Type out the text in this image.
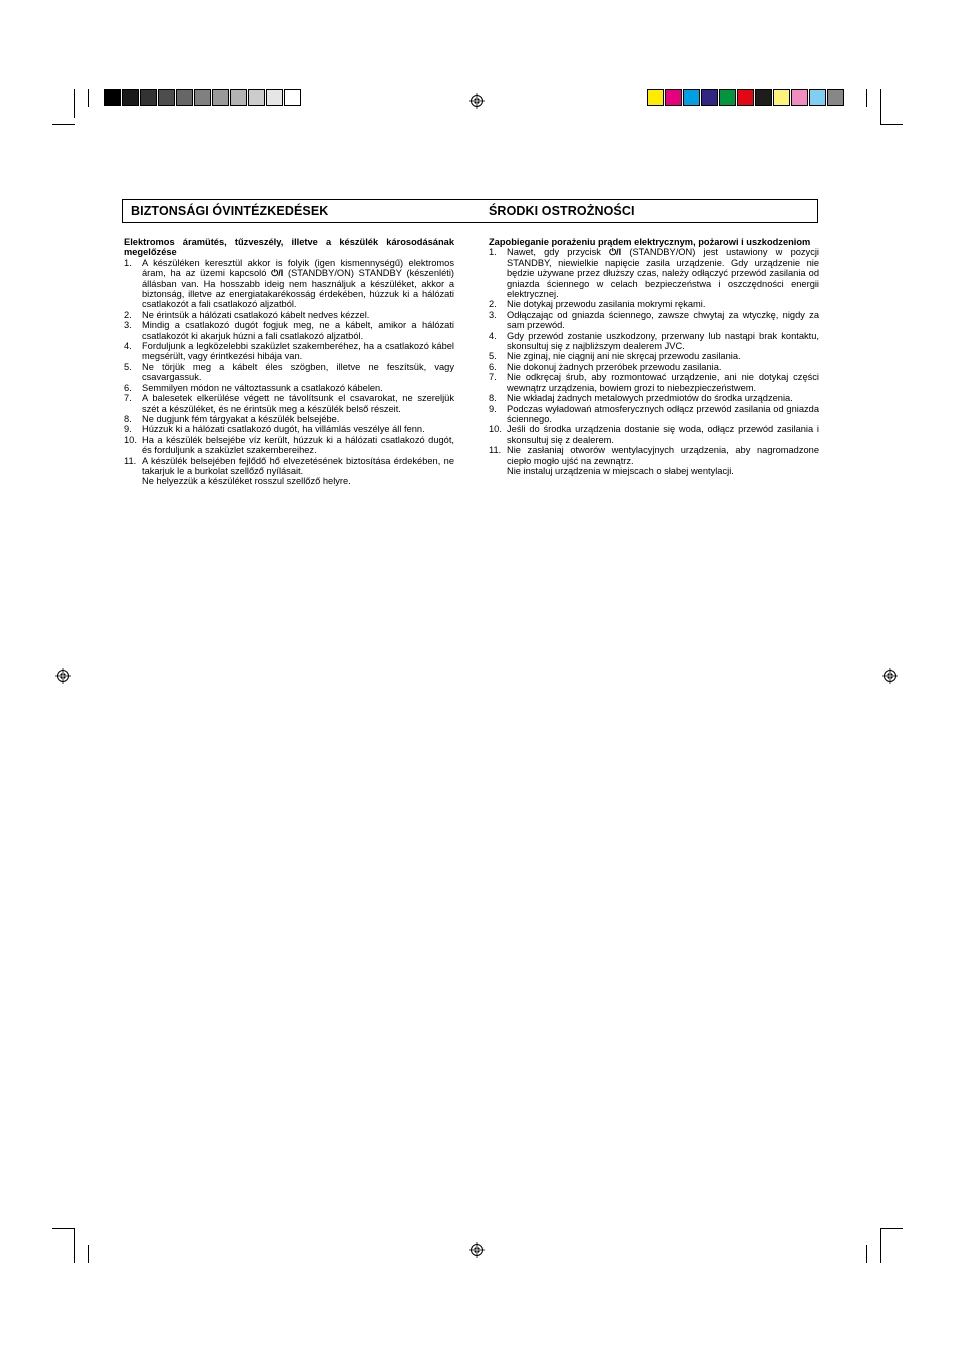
BIZTONSÁGI ÓVINTÉZKEDÉSEK	ŚRODKI OSTROŻNOŚCI
Elektromos áramütés, tűzveszély, illetve a készülék károsodásának megelőzése
1. A készüléken keresztül akkor is folyik (igen kismennységű) elektromos áram, ha az üzemi kapcsoló ⏻/I (STANDBY/ON) STANDBY (készenléti) állásban van. Ha hosszabb ideig nem használjuk a készüléket, akkor a biztonság, illetve az energiatakarékosság érdekében, húzzuk ki a hálózati csatlakozót a fali csatlakozó aljzatból.
2. Ne érintsük a hálózati csatlakozó kábelt nedves kézzel.
3. Mindig a csatlakozó dugót fogjuk meg, ne a kábelt, amikor a hálózati csatlakozót ki akarjuk húzni a fali csatlakozó aljzatból.
4. Forduljunk a legközelebbi szaküzlet szakemberéhez, ha a csatlakozó kábel megsérült, vagy érintkezési hibája van.
5. Ne törjük meg a kábelt éles szögben, illetve ne feszítsük, vagy csavargassuk.
6. Semmilyen módon ne változtassunk a csatlakozó kábelen.
7. A balesetek elkerülése végett ne távolítsunk el csavarokat, ne szereljük szét a készüléket, és ne érintsük meg a készülék belső részeit.
8. Ne dugjunk fém tárgyakat a készülék belsejébe.
9. Húzzuk ki a hálózati csatlakozó dugót, ha villámlás veszélye áll fenn.
10. Ha a készülék belsejébe víz került, húzzuk ki a hálózati csatlakozó dugót, és forduljunk a szaküzlet szakembereihez.
11. A készülék belsejében fejlődő hő elvezetésének biztosítása érdekében, ne takarjuk le a burkolat szellőző nyílásait.
Ne helyezzük a készüléket rosszul szellőző helyre.
Zapobieganie porażeniu prądem elektrycznym, pożarowi i uszkodzeniom
1. Nawet, gdy przycisk ⏻/I (STANDBY/ON) jest ustawiony w pozycji STANDBY, niewielkie napięcie zasila urządzenie. Gdy urządzenie nie będzie używane przez dłuższy czas, należy odłączyć przewód zasilania od gniazda ściennego w celach bezpieczeństwa i oszczędności energii elektrycznej.
2. Nie dotykaj przewodu zasilania mokrymi rękami.
3. Odłączając od gniazda ściennego, zawsze chwytaj za wtyczkę, nigdy za sam przewód.
4. Gdy przewód zostanie uszkodzony, przerwany lub nastąpi brak kontaktu, skonsultuj się z najbliższym dealerem JVC.
5. Nie zginaj, nie ciągnij ani nie skręcaj przewodu zasilania.
6. Nie dokonuj żadnych przeróbek przewodu zasilania.
7. Nie odkręcaj śrub, aby rozmontować urządzenie, ani nie dotykaj części wewnątrz urządzenia, bowiem grozi to niebezpieczeństwem.
8. Nie wkładaj żadnych metalowych przedmiotów do środka urządzenia.
9. Podczas wyładowań atmosferycznych odłącz przewód zasilania od gniazda ściennego.
10. Jeśli do środka urządzenia dostanie się woda, odłącz przewód zasilania i skonsultuj się z dealerem.
11. Nie zasłaniaj otworów wentylacyjnych urządzenia, aby nagromadzone ciepło mogło ujść na zewnątrz.
Nie instaluj urządzenia w miejscach o słabej wentylacji.
